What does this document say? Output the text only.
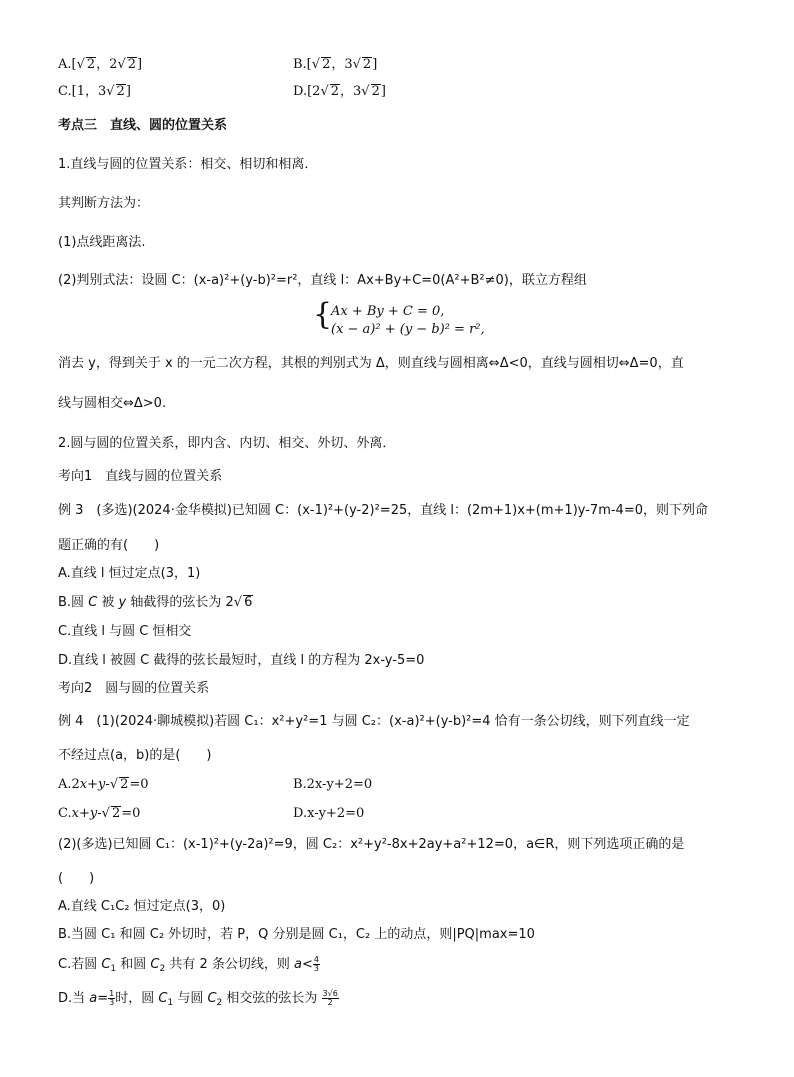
A.[√ 2，2√ 2]	B.[√ 2，3√ 2]
C.[1，3√ 2]	D.[2√ 2，3√ 2]
考点三　直线、圆的位置关系
1.直线与圆的位置关系：相交、相切和相离．
其判断方法为：
(1)点线距离法.
(2)判别式法：设圆 C：(x-a)²+(y-b)²=r²，直线 l：Ax+By+C=0(A²+B²≠0)，联立方程组
{
Ax + By + C = 0,
(x − a)² + (y − b)² = r²,
消去 y，得到关于 x 的一元二次方程，其根的判别式为 Δ，则直线与圆相离⇔Δ<0，直线与圆相切⇔Δ=0，直
线与圆相交⇔Δ>0.
2.圆与圆的位置关系，即内含、内切、相交、外切、外离．
考向1　直线与圆的位置关系
例 3　(多选)(2024·金华模拟)已知圆 C：(x-1)²+(y-2)²=25，直线 l：(2m+1)x+(m+1)y-7m-4=0，则下列命
题正确的有(　　)
A.直线 l 恒过定点(3，1)
B.圆 C 被 y 轴截得的弦长为 2√ 6
C.直线 l 与圆 C 恒相交
D.直线 l 被圆 C 截得的弦长最短时，直线 l 的方程为 2x-y-5=0
考向2　圆与圆的位置关系
例 4　(1)(2024·聊城模拟)若圆 C₁：x²+y²=1 与圆 C₂：(x-a)²+(y-b)²=4 恰有一条公切线，则下列直线一定
不经过点(a，b)的是(　　)
A.2x+y-√ 2=0	B.2x-y+2=0
C.x+y-√ 2=0	D.x-y+2=0
(2)(多选)已知圆 C₁：(x-1)²+(y-2a)²=9，圆 C₂：x²+y²-8x+2ay+a²+12=0，a∈R，则下列选项正确的是
(　　)
A.直线 C₁C₂ 恒过定点(3，0)
B.当圆 C₁ 和圆 C₂ 外切时，若 P，Q 分别是圆 C₁，C₂ 上的动点，则|PQ|max=10
C.若圆 $C_1$ 和圆 $C_2$ 共有 2 条公切线，则 $a< \frac{4}{3}$
D.当 $a= \frac{1}{3}$ 时，圆 $C_1$ 与圆 $C_2$ 相交弦的弦长为 $\frac{3√6}{2}$
